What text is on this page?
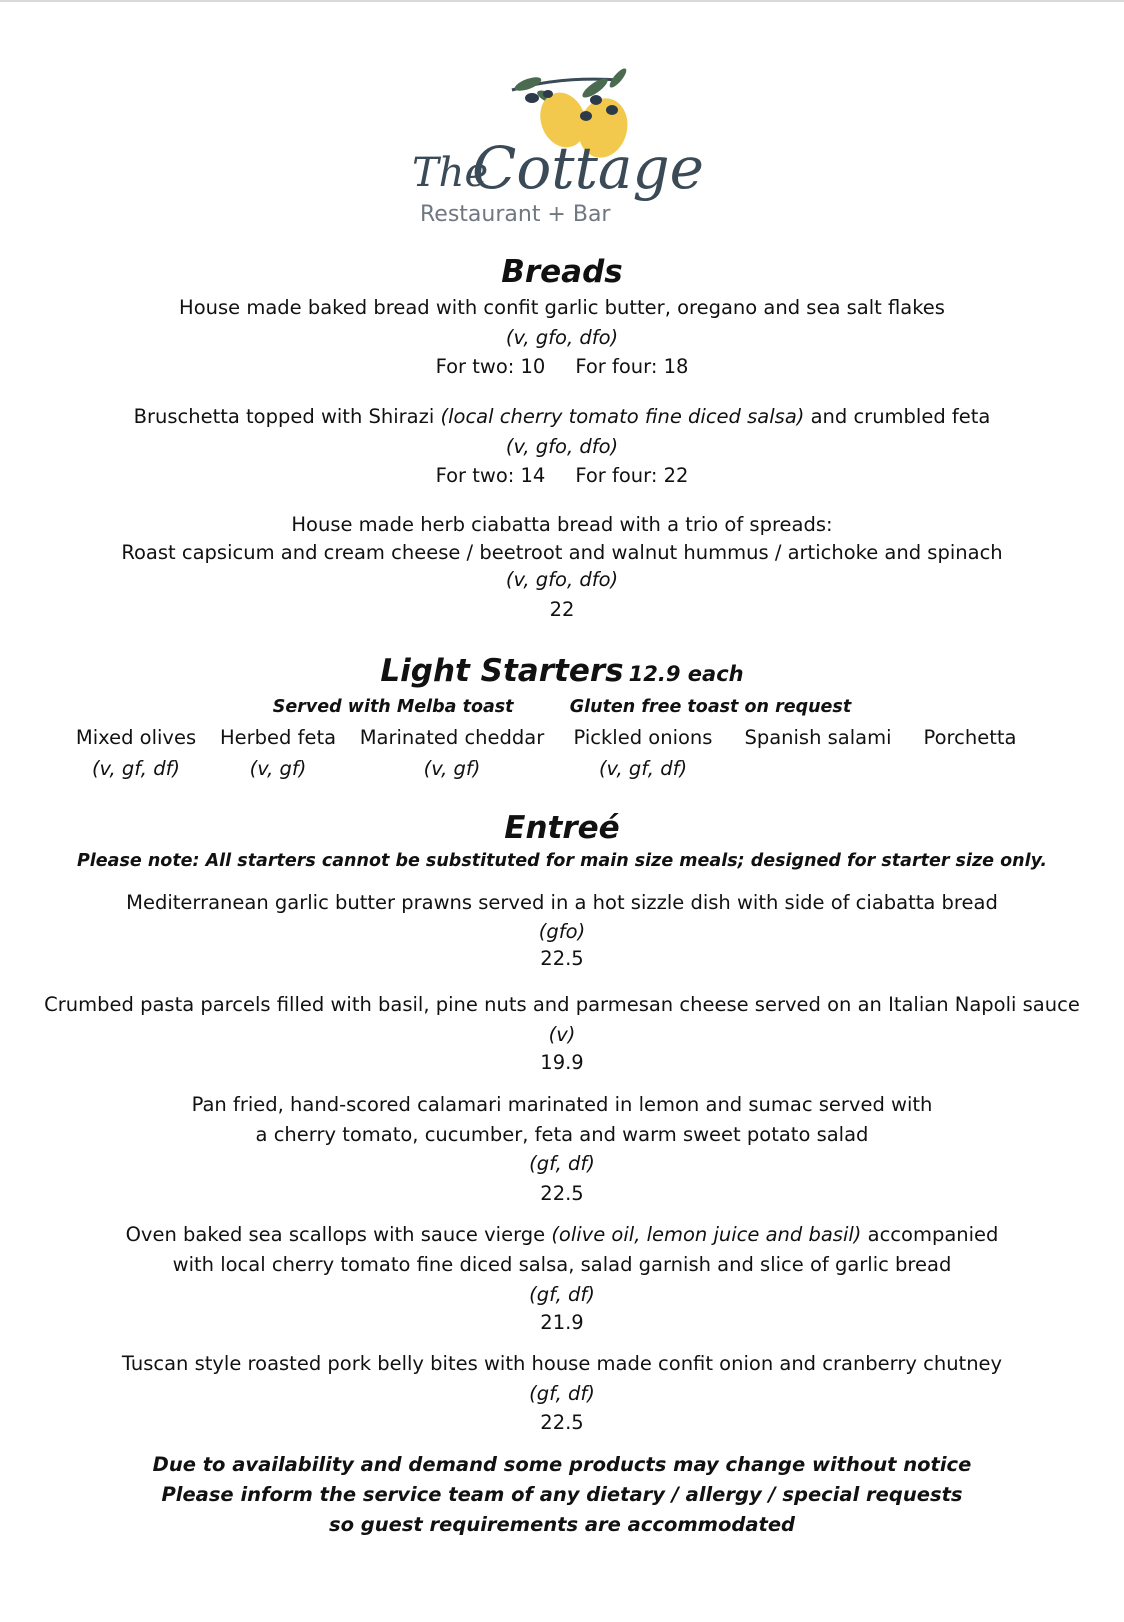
The
Cottage
Restaurant + Bar
Breads
House made baked bread with confit garlic butter, oregano and sea salt flakes
(v, gfo, dfo)
For two: 10 For four: 18
Bruschetta topped with Shirazi (local cherry tomato fine diced salsa) and crumbled feta
(v, gfo, dfo)
For two: 14 For four: 22
House made herb ciabatta bread with a trio of spreads:
Roast capsicum and cream cheese / beetroot and walnut hummus / artichoke and spinach
(v, gfo, dfo)
22
Light Starters 12.9 each
Served with Melba toast	Gluten free toast on request
Mixed olives
(v, gf, df)
Herbed feta
(v, gf)
Marinated cheddar
(v, gf)
Pickled onions
(v, gf, df)
Spanish salami Porchetta
Entreé
Please note: All starters cannot be substituted for main size meals; designed for starter size only.
Mediterranean garlic butter prawns served in a hot sizzle dish with side of ciabatta bread
(gfo)
22.5
Crumbed pasta parcels filled with basil, pine nuts and parmesan cheese served on an Italian Napoli sauce
(v)
19.9
Pan fried, hand-scored calamari marinated in lemon and sumac served with
a cherry tomato, cucumber, feta and warm sweet potato salad
(gf, df)
22.5
Oven baked sea scallops with sauce vierge (olive oil, lemon juice and basil) accompanied
with local cherry tomato fine diced salsa, salad garnish and slice of garlic bread
(gf, df)
21.9
Tuscan style roasted pork belly bites with house made confit onion and cranberry chutney
(gf, df)
22.5
Due to availability and demand some products may change without notice
Please inform the service team of any dietary / allergy / special requests
so guest requirements are accommodated
